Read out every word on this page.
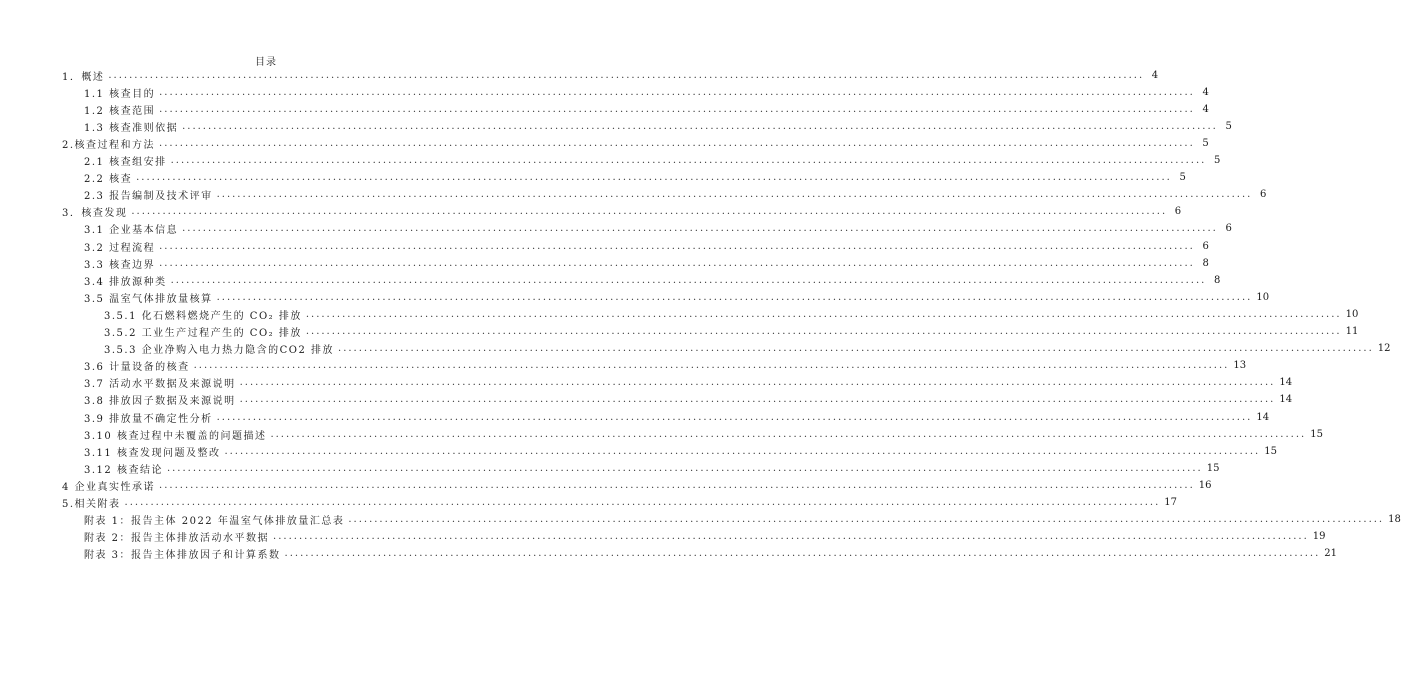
目录
1．概述 ........................................................................................................................................................................................................ 4
1.1 核查目的 ........................................................................................................................................................................................................ 4
1.2 核查范围 ........................................................................................................................................................................................................ 4
1.3 核查准则依据 ........................................................................................................................................................................................................ 5
2.核查过程和方法 ........................................................................................................................................................................................................ 5
2.1 核查组安排 ........................................................................................................................................................................................................ 5
2.2 核查 ........................................................................................................................................................................................................ 5
2.3 报告编制及技术评审 ........................................................................................................................................................................................................ 6
3．核查发现 ........................................................................................................................................................................................................ 6
3.1 企业基本信息 ........................................................................................................................................................................................................ 6
3.2 过程流程 ........................................................................................................................................................................................................ 6
3.3 核查边界 ........................................................................................................................................................................................................ 8
3.4 排放源种类 ........................................................................................................................................................................................................ 8
3.5 温室气体排放量核算 ........................................................................................................................................................................................................ 10
3.5.1 化石燃料燃烧产生的 CO₂ 排放 ........................................................................................................................................................................................................ 10
3.5.2 工业生产过程产生的 CO₂ 排放 ........................................................................................................................................................................................................ 11
3.5.3 企业净购入电力热力隐含的CO2 排放 ........................................................................................................................................................................................................ 12
3.6 计量设备的核查 ........................................................................................................................................................................................................ 13
3.7 活动水平数据及来源说明 ........................................................................................................................................................................................................ 14
3.8 排放因子数据及来源说明 ........................................................................................................................................................................................................ 14
3.9 排放量不确定性分析 ........................................................................................................................................................................................................ 14
3.10 核查过程中未覆盖的问题描述 ........................................................................................................................................................................................................ 15
3.11 核查发现问题及整改 ........................................................................................................................................................................................................ 15
3.12 核查结论 ........................................................................................................................................................................................................ 15
4 企业真实性承诺 ........................................................................................................................................................................................................ 16
5.相关附表 ........................................................................................................................................................................................................ 17
附表 1：报告主体 2022 年温室气体排放量汇总表 ........................................................................................................................................................................................................ 18
附表 2：报告主体排放活动水平数据 ........................................................................................................................................................................................................ 19
附表 3：报告主体排放因子和计算系数 ........................................................................................................................................................................................................ 21
